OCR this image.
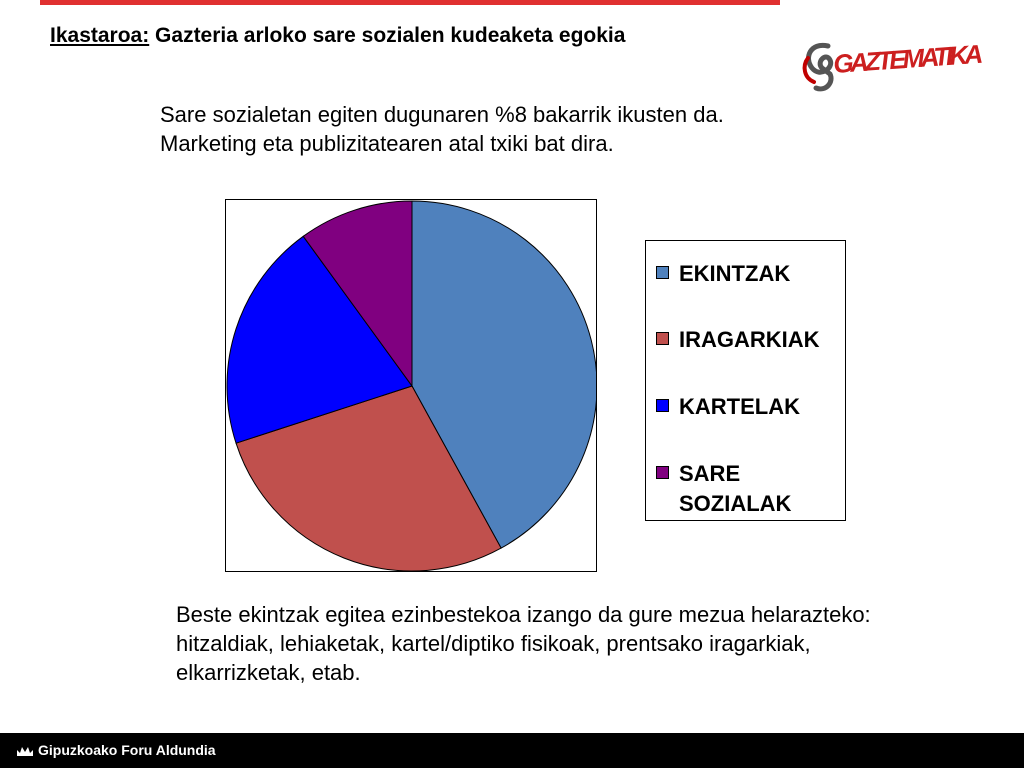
Ikastaroa: Gazteria arloko sare sozialen kudeaketa egokia
GAZTEMATIKA
Sare sozialetan egiten dugunaren %8 bakarrik ikusten da. Marketing eta publizitatearen atal txiki bat dira.
EKINTZAK
IRAGARKIAK
KARTELAK
SARE SOZIALAK
Beste ekintzak egitea ezinbestekoa izango da gure mezua helarazteko: hitzaldiak, lehiaketak, kartel/diptiko fisikoak, prentsako iragarkiak, elkarrizketak, etab.
Gipuzkoako Foru Aldundia
